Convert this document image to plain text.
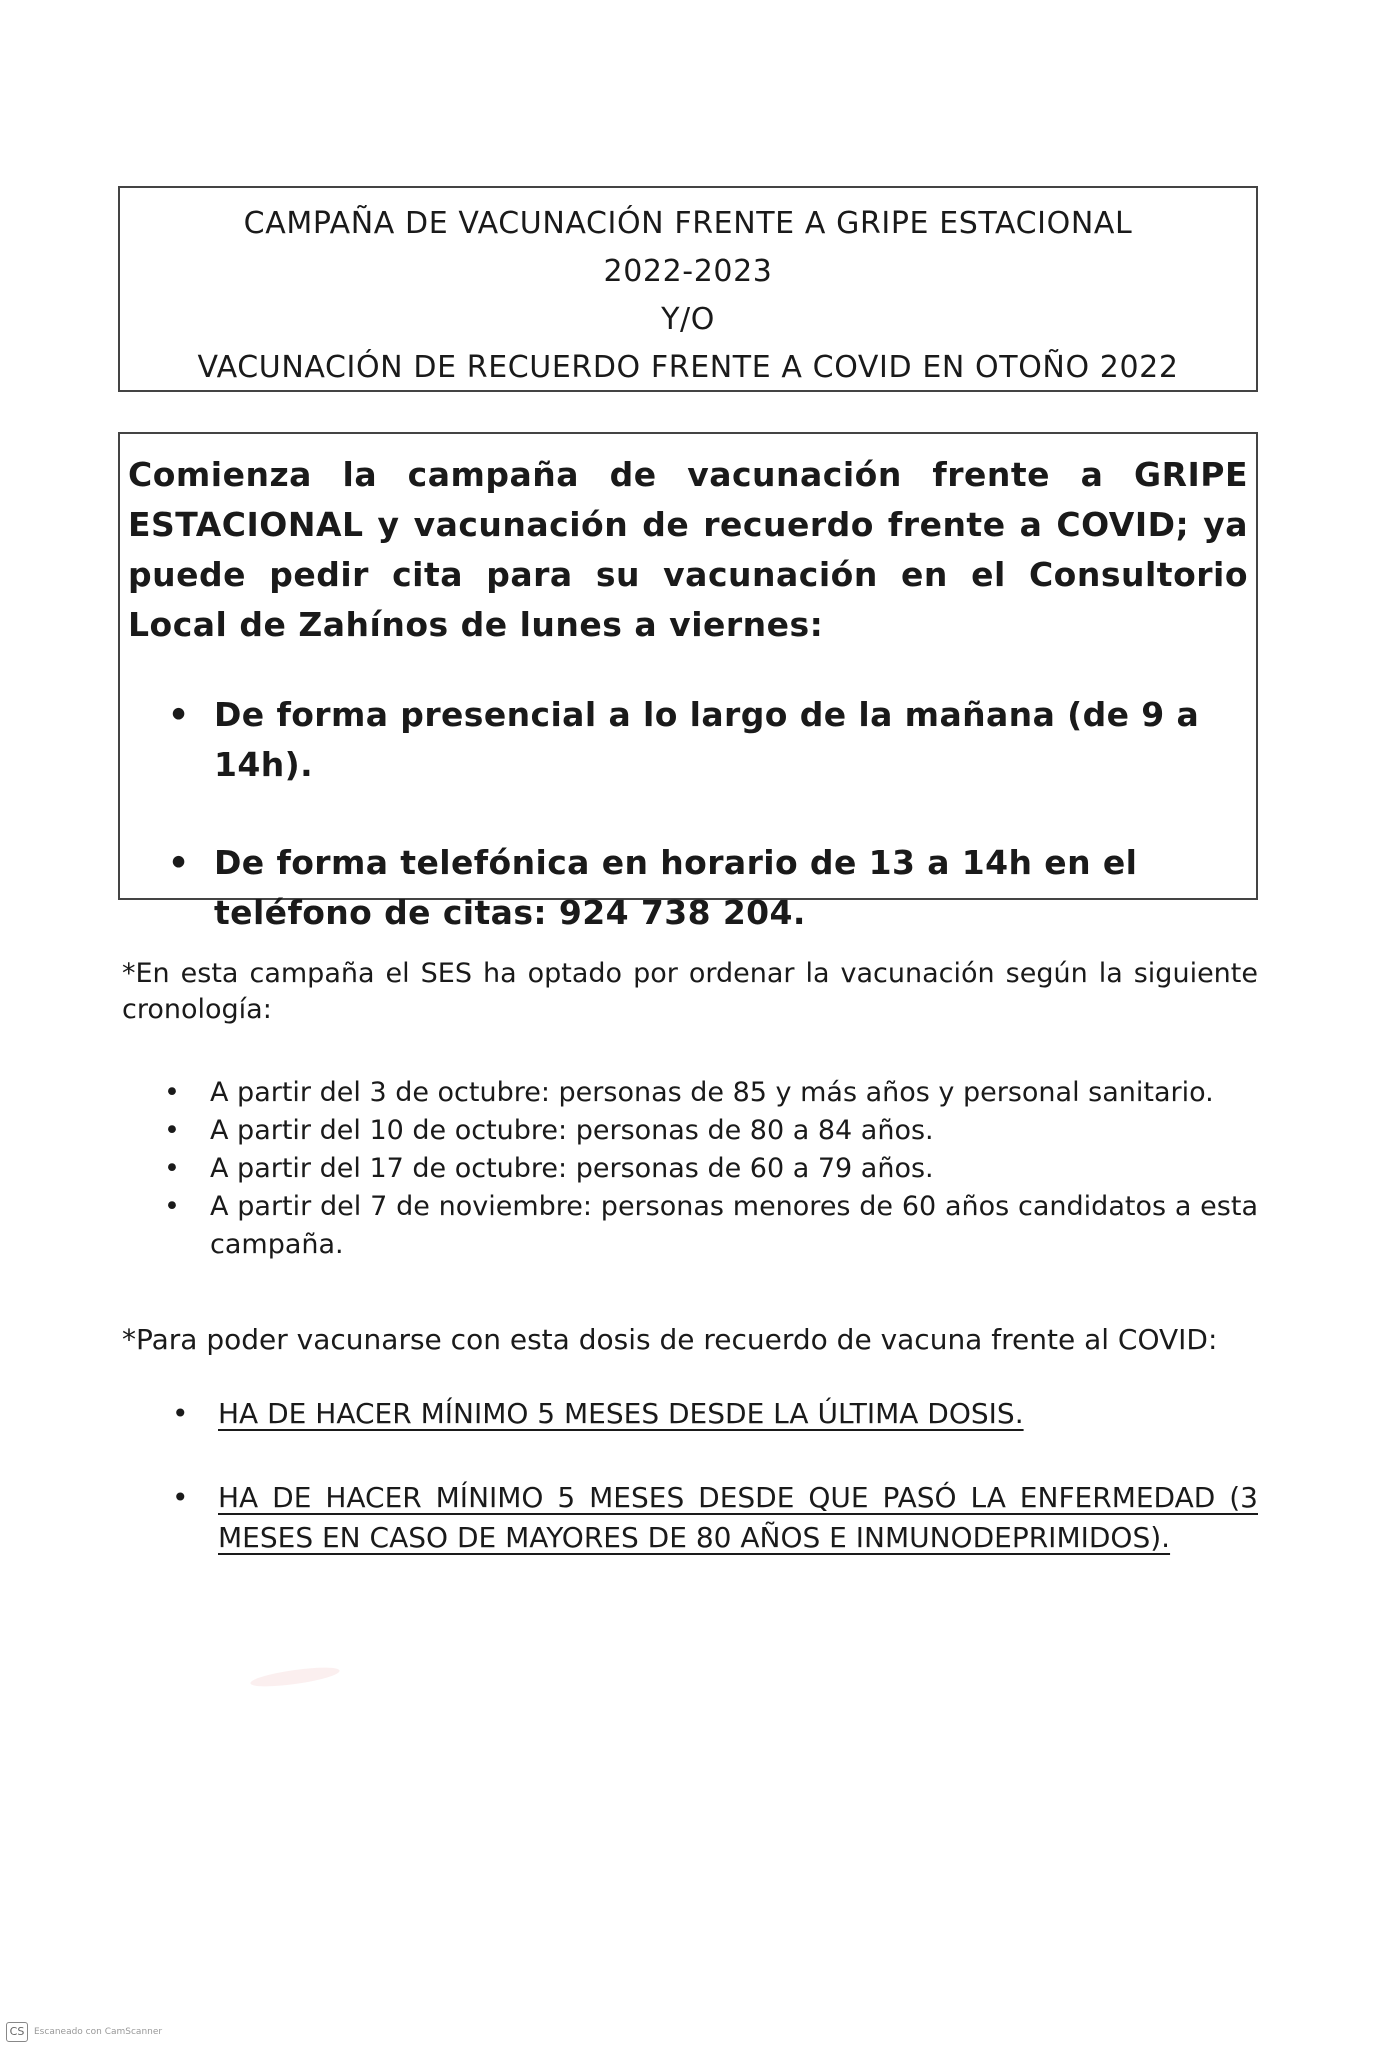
CAMPAÑA DE VACUNACIÓN FRENTE A GRIPE ESTACIONAL

2022-2023

Y/O

VACUNACIÓN DE RECUERDO FRENTE A COVID EN OTOÑO 2022

Comienza la campaña de vacunación frente a GRIPE ESTACIONAL y vacunación de recuerdo frente a COVID; ya puede pedir cita para su vacunación en el Consultorio Local de Zahínos de lunes a viernes:

• De forma presencial a lo largo de la mañana (de 9 a 14h).
• De forma telefónica en horario de 13 a 14h en el teléfono de citas: 924 738 204.

*En esta campaña el SES ha optado por ordenar la vacunación según la siguiente cronología:

• A partir del 3 de octubre: personas de 85 y más años y personal sanitario.
• A partir del 10 de octubre: personas de 80 a 84 años.
• A partir del 17 de octubre: personas de 60 a 79 años.
• A partir del 7 de noviembre: personas menores de 60 años candidatos a esta campaña.

*Para poder vacunarse con esta dosis de recuerdo de vacuna frente al COVID:

• HA DE HACER MÍNIMO 5 MESES DESDE LA ÚLTIMA DOSIS.
• HA DE HACER MÍNIMO 5 MESES DESDE QUE PASÓ LA ENFERMEDAD (3 MESES EN CASO DE MAYORES DE 80 AÑOS E INMUNODEPRIMIDOS).
CS	Escaneado con CamScanner
